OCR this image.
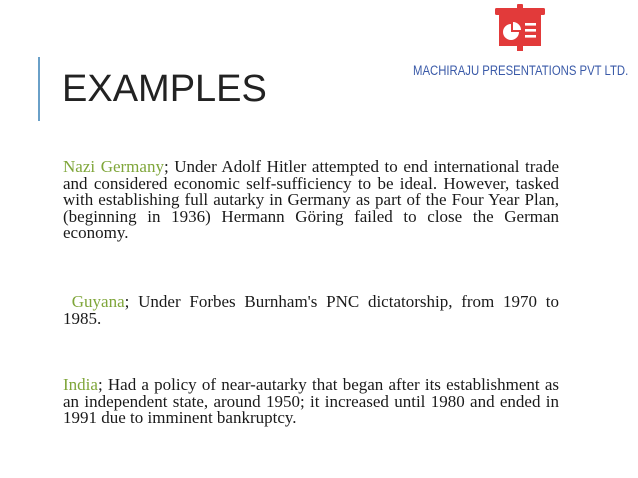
EXAMPLES	MACHIRAJU PRESENTATIONS PVT LTD.

Nazi Germany; Under Adolf Hitler attempted to end international trade and considered economic self-sufficiency to be ideal. However, tasked with establishing full autarky in Germany as part of the Four Year Plan, (beginning in 1936) Hermann Göring failed to close the German economy.

Guyana; Under Forbes Burnham's PNC dictatorship, from 1970 to 1985.

India; Had a policy of near-autarky that began after its establishment as an independent state, around 1950; it increased until 1980 and ended in 1991 due to imminent bankruptcy.
